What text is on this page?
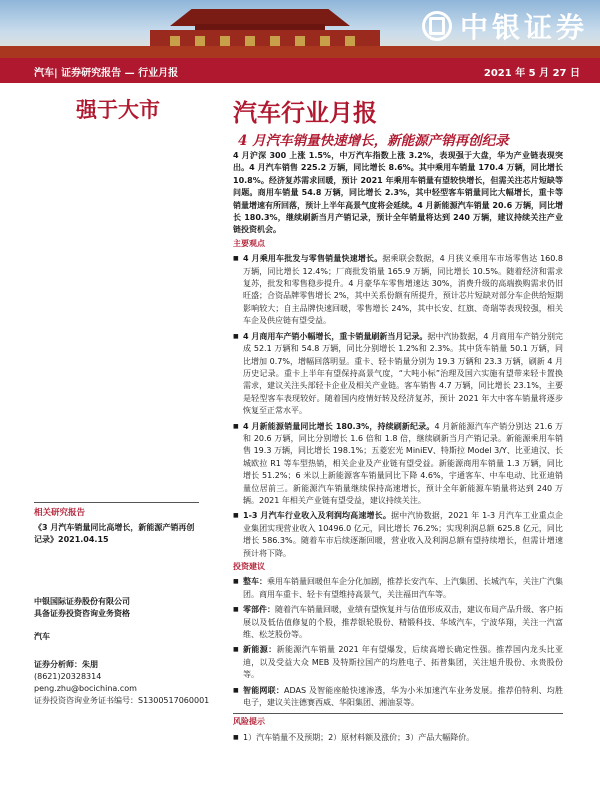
中银证券
汽车| 证券研究报告 — 行业月报	2021 年 5 月 27 日
强于大市
相关研究报告
《3 月汽车销量同比高增长，新能源产销再创记录》2021.04.15
中银国际证券股份有限公司
具备证券投资咨询业务资格
汽车
证券分析师：朱朋
(8621)20328314
peng.zhu@bocichina.com
证券投资咨询业务证书编号：S1300517060001
汽车行业月报
4 月汽车销量快速增长，新能源产销再创纪录
4 月沪深 300 上涨 1.5%，中万汽车指数上涨 3.2%，表现强于大盘，华为产业链表现突出。4 月汽车销售 225.2 万辆，同比增长 8.6%。其中乘用车销量 170.4 万辆，同比增长 10.8%。经济复苏需求回暖，预计 2021 年乘用车销量有望较快增长，但需关注芯片短缺等问题。商用车销量 54.8 万辆，同比增长 2.3%，其中轻型客车销量同比大幅增长，重卡等销量增速有所回落，预计上半年高景气度将会延续。4 月新能源汽车销量 20.6 万辆，同比增长 180.3%，继续刷新当月产销记录，预计全年销量将达到 240 万辆，建议持续关注产业链投资机会。
主要观点
■ 4 月乘用车批发与零售销量快速增长。据乘联会数据，4 月狭义乘用车市场零售达 160.8 万辆，同比增长 12.4%；厂商批发销量 165.9 万辆，同比增长 10.5%。随着经济和需求复苏，批发和零售稳步提升。4 月豪华车零售增速达 30%，消费升级的高端换购需求仍旧旺盛；合资品牌零售增长 2%，其中关系份额有所提升，预计芯片短缺对部分车企供给短期影响较大；自主品牌快速回暖，零售增长 24%，其中长安、红旗、奇瑞等表现较强，相关车企及供应链有望受益。
■ 4 月商用车产销小幅增长，重卡销量刷新当月记录。据中汽协数据，4 月商用车产销分别完成 52.1 万辆和 54.8 万辆，同比分别增长 1.2%和 2.3%。其中货车销量 50.1 万辆，同比增加 0.7%，增幅回落明显。重卡、轻卡销量分别为 19.3 万辆和 23.3 万辆，刷新 4 月历史记录。重卡上半年有望保持高景气度，“大吨小标”治理及国六实施有望带来轻卡置换需求，建议关注头部轻卡企业及相关产业链。客车销售 4.7 万辆，同比增长 23.1%，主要是轻型客车表现较好。随着国内疫情好转及经济复苏，预计 2021 年大中客车销量将逐步恢复至正常水平。
■ 4 月新能源销量同比增长 180.3%，持续刷新纪录。4 月新能源汽车产销分别达 21.6 万和 20.6 万辆，同比分别增长 1.6 倍和 1.8 倍，继续刷新当月产销记录。新能源乘用车销售 19.3 万辆，同比增长 198.1%；五菱宏光 MiniEV、特斯拉 Model 3/Y、比亚迪汉、长城欧拉 R1 等车型热销，相关企业及产业链有望受益。新能源商用车销量 1.3 万辆，同比增长 51.2%；6 米以上新能源客车销量同比下降 4.6%，宇通客车、中车电动、比亚迪销量位居前三。新能源汽车销量继续保持高速增长，预计全年新能源车销量将达到 240 万辆。2021 年相关产业链有望受益，建议持续关注。
■ 1-3 月汽车行业收入及利润均高速增长。据中汽协数据，2021 年 1-3 月汽车工业重点企业集团实现营业收入 10496.0 亿元，同比增长 76.2%；实现利润总额 625.8 亿元，同比增长 586.3%。随着车市后续逐渐回暖，营业收入及利润总额有望持续增长，但需计增速预计将下降。
投资建议
■ 整车：乘用车销量回暖但车企分化加剧，推荐长安汽车、上汽集团、长城汽车，关注广汽集团。商用车重卡、轻卡有望维持高景气，关注福田汽车等。
■ 零部件：随着汽车销量回暖，业绩有望恢复并与估值形成双击，建议布局产品升级、客户拓展以及低估值修复的个股，推荐银轮股份、精锻科技、华域汽车，宁波华翔，关注一汽富维、松芝股份等。
■ 新能源：新能源汽车销量 2021 年有望爆发，后续高增长确定性强。推荐国内龙头比亚迪，以及受益大众 MEB 及特斯拉国产的均胜电子、拓普集团，关注旭升股份、永贵股份等。
■ 智能网联：ADAS 及智能座舱快速渗透，华为小米加速汽车业务发展。推荐伯特利、均胜电子，建议关注德赛西威、华阳集团、湘油泵等。
风险提示
■ 1）汽车销量不及预期；2）原材料额及涨价；3）产品大幅降价。
